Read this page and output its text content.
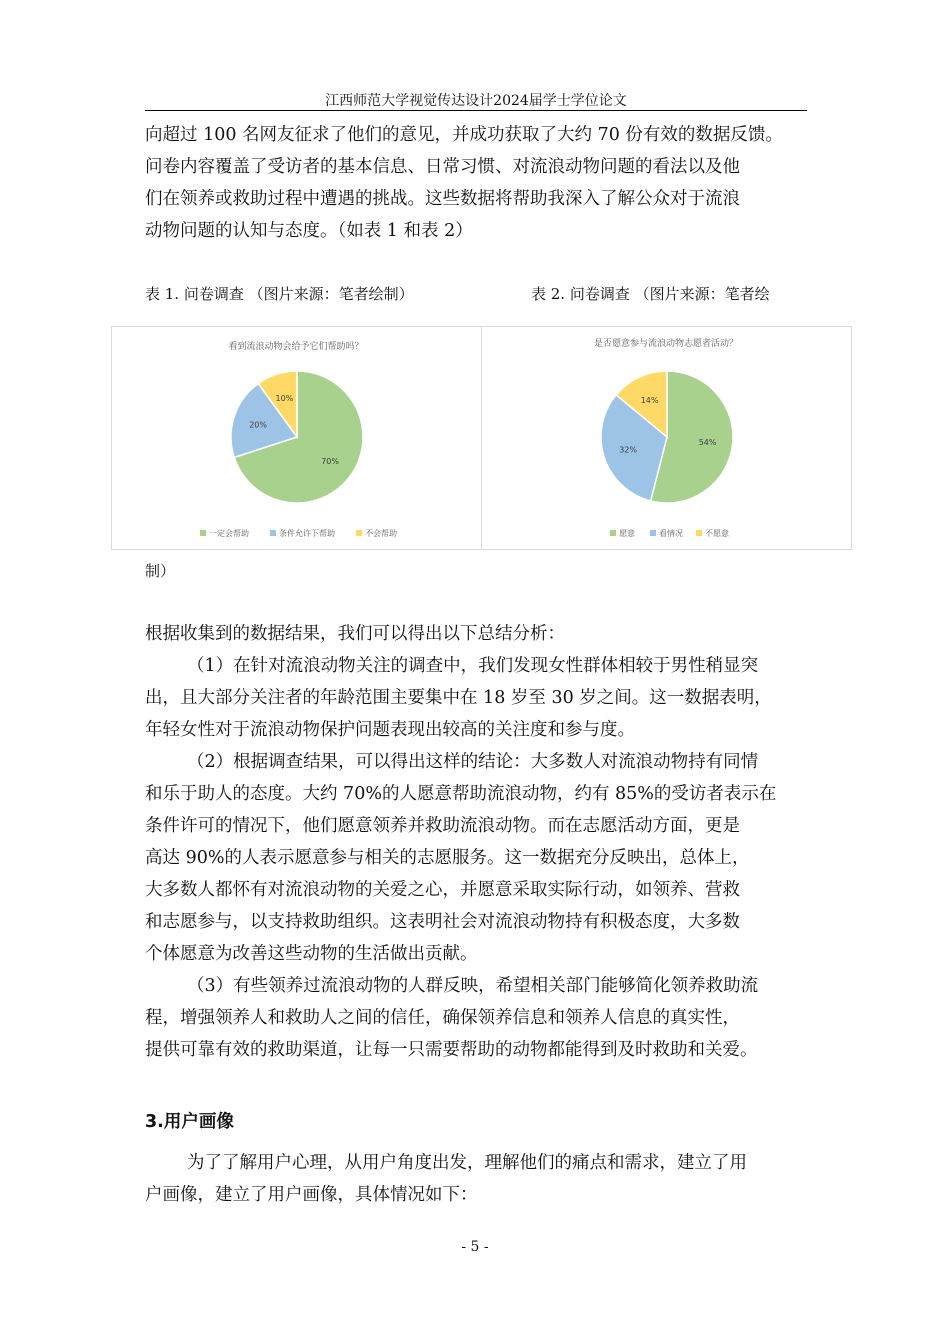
江西师范大学视觉传达设计2024届学士学位论文

向超过 100 名网友征求了他们的意见，并成功获取了大约 70 份有效的数据反馈。

问卷内容覆盖了受访者的基本信息、日常习惯、对流浪动物问题的看法以及他

们在领养或救助过程中遭遇的挑战。这些数据将帮助我深入了解公众对于流浪

动物问题的认知与态度。（如表 1 和表 2）

表 1. 问卷调查 （图片来源：笔者绘制）	表 2. 问卷调查 （图片来源：笔者绘
看到流浪动物会给予它们帮助吗？
70%
20%
10%
一定会帮助	条件允许下帮助	不会帮助
是否愿意参与流浪动物志愿者活动？
54%
32%
14%
愿意	看情况	不愿意
制）

根据收集到的数据结果，我们可以得出以下总结分析：

（1）在针对流浪动物关注的调查中，我们发现女性群体相较于男性稍显突

出，且大部分关注者的年龄范围主要集中在 18 岁至 30 岁之间。这一数据表明，

年轻女性对于流浪动物保护问题表现出较高的关注度和参与度。

（2）根据调查结果，可以得出这样的结论：大多数人对流浪动物持有同情

和乐于助人的态度。大约 70%的人愿意帮助流浪动物，约有 85%的受访者表示在

条件许可的情况下，他们愿意领养并救助流浪动物。而在志愿活动方面，更是

高达 90%的人表示愿意参与相关的志愿服务。这一数据充分反映出，总体上，

大多数人都怀有对流浪动物的关爱之心，并愿意采取实际行动，如领养、营救

和志愿参与，以支持救助组织。这表明社会对流浪动物持有积极态度，大多数

个体愿意为改善这些动物的生活做出贡献。

（3）有些领养过流浪动物的人群反映，希望相关部门能够简化领养救助流

程，增强领养人和救助人之间的信任，确保领养信息和领养人信息的真实性，

提供可靠有效的救助渠道，让每一只需要帮助的动物都能得到及时救助和关爱。

3.用户画像

为了了解用户心理，从用户角度出发，理解他们的痛点和需求，建立了用

户画像，建立了用户画像，具体情况如下：

- 5 -
